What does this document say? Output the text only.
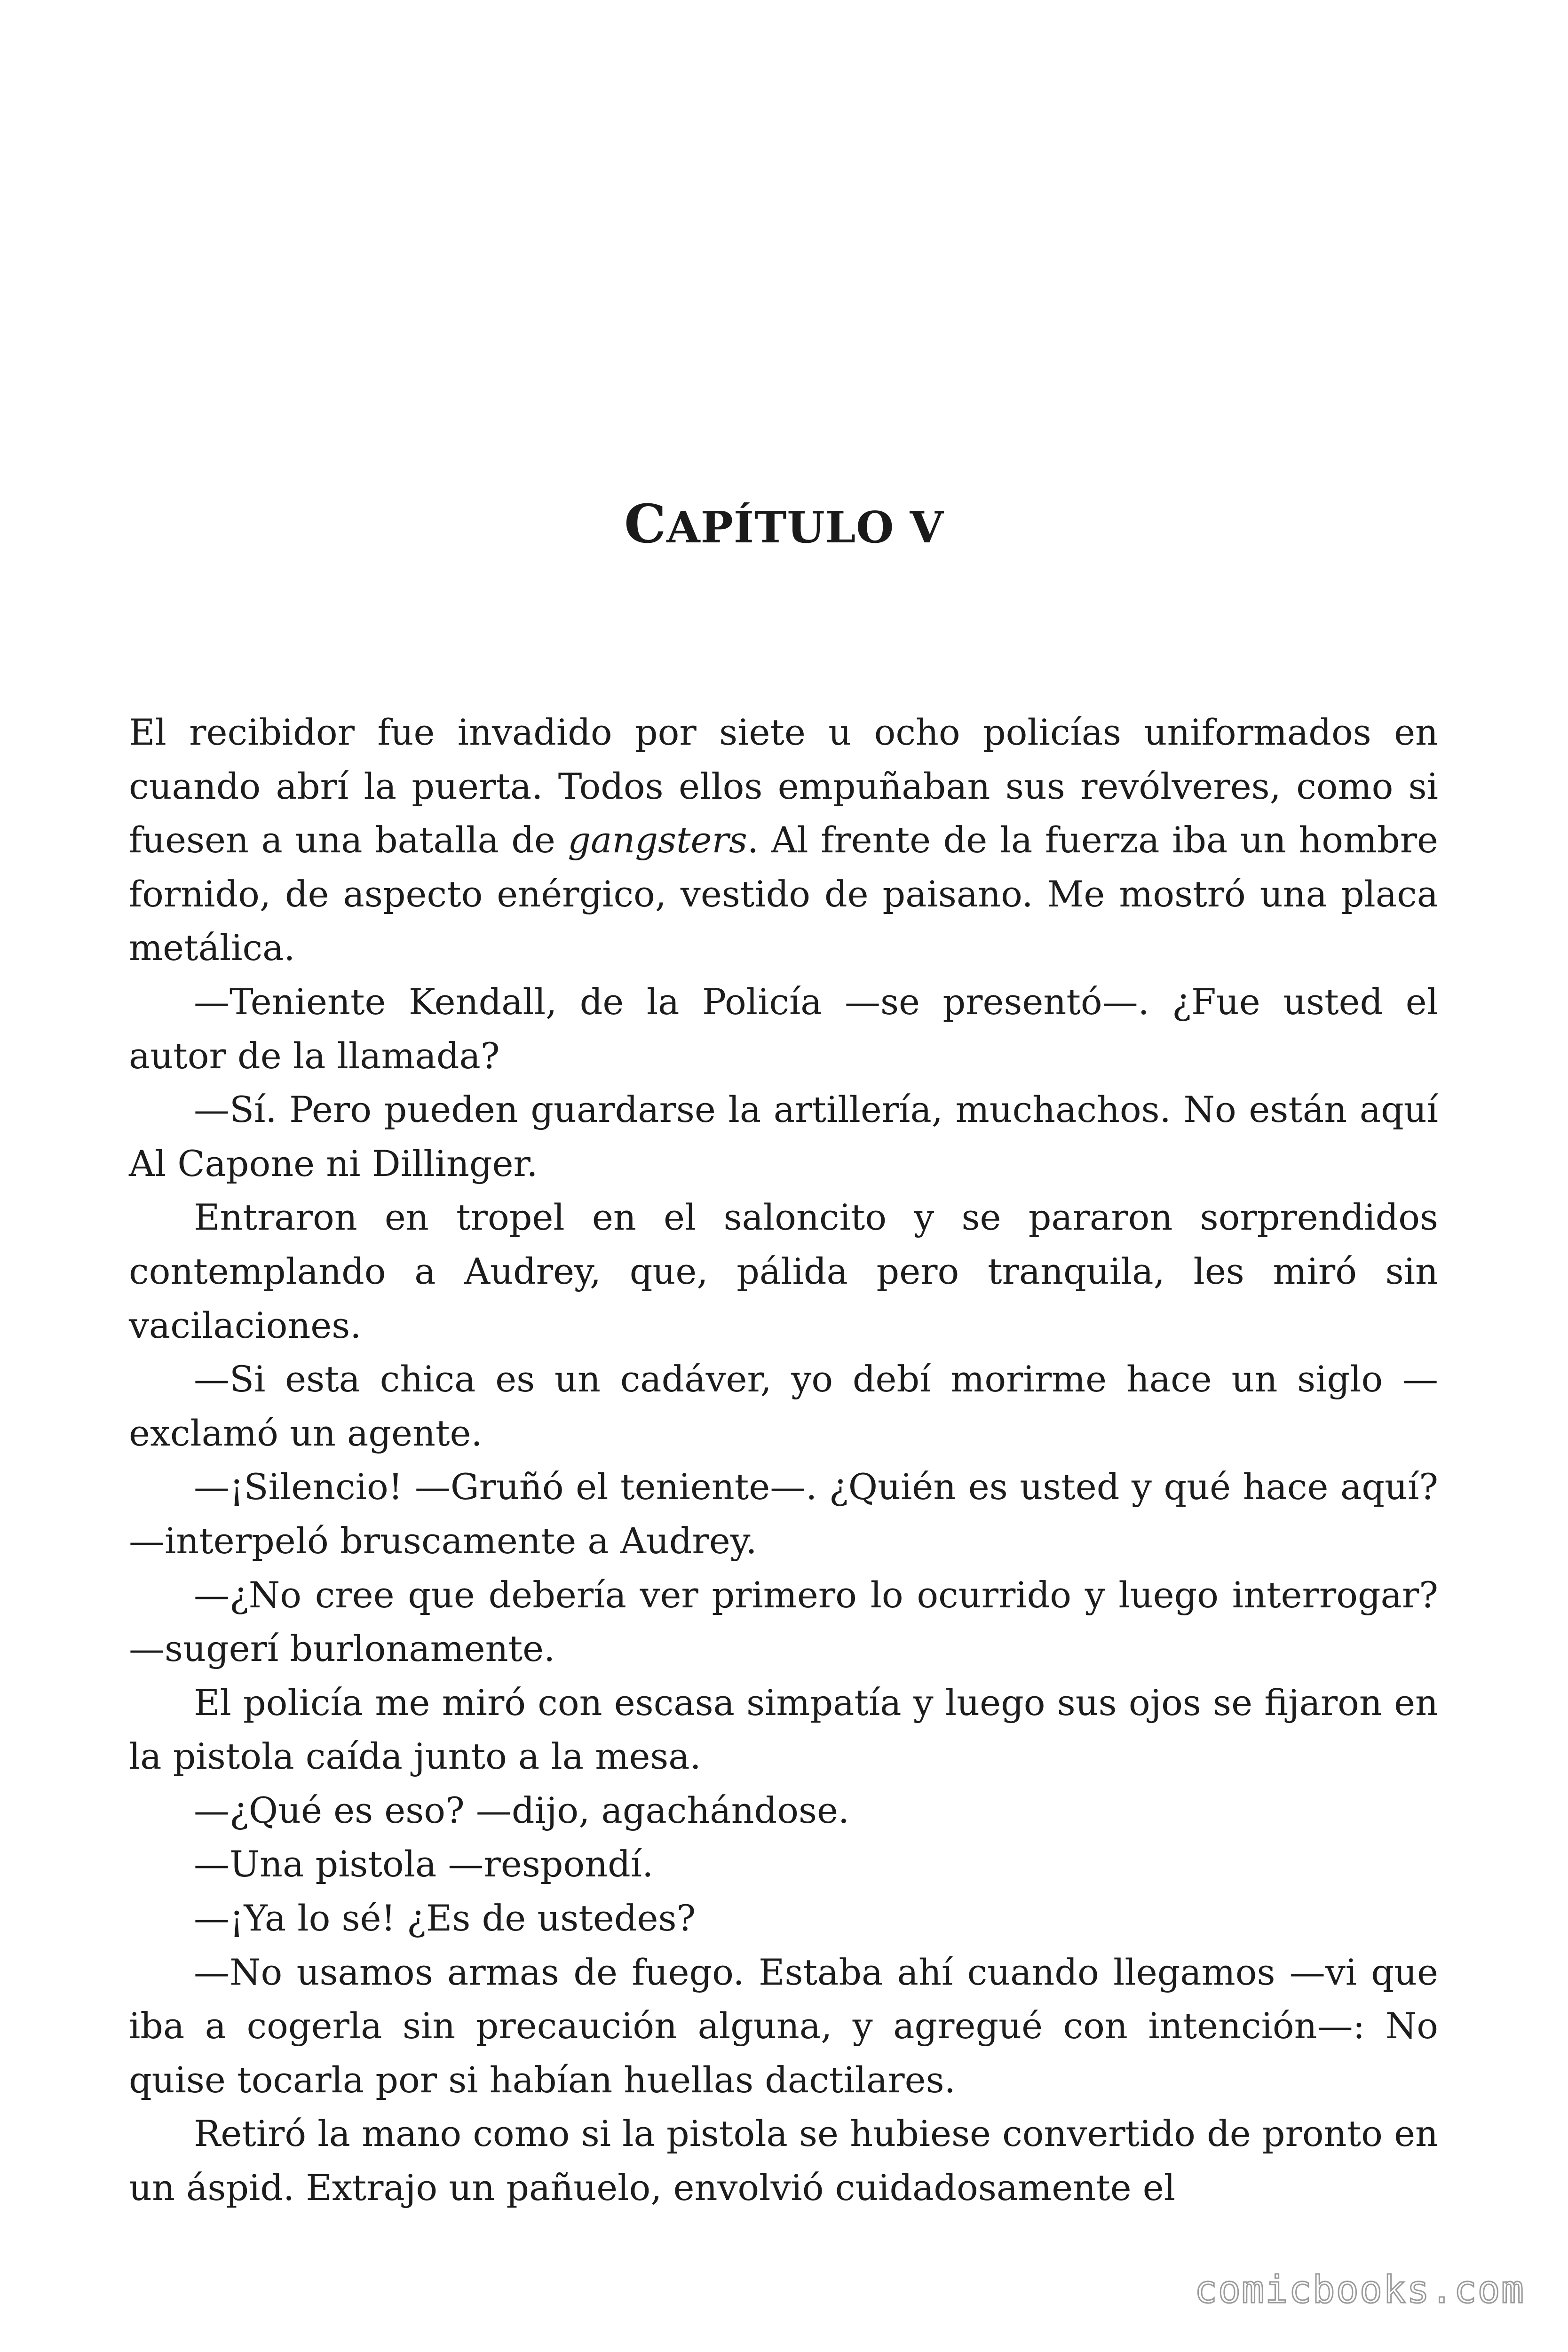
CAPÍTULO V

El recibidor fue invadido por siete u ocho policías uniformados en cuando abrí la puerta. Todos ellos empuñaban sus revólveres, como si fuesen a una batalla de gangsters. Al frente de la fuerza iba un hombre fornido, de aspecto enérgico, vestido de paisano. Me mostró una placa metálica.

—Teniente Kendall, de la Policía —se presentó—. ¿Fue usted el autor de la llamada?

—Sí. Pero pueden guardarse la artillería, muchachos. No están aquí Al Capone ni Dillinger.

Entraron en tropel en el saloncito y se pararon sorprendidos contemplando a Audrey, que, pálida pero tranquila, les miró sin vacilaciones.

—Si esta chica es un cadáver, yo debí morirme hace un siglo —exclamó un agente.

—¡Silencio! —Gruñó el teniente—. ¿Quién es usted y qué hace aquí? —interpeló bruscamente a Audrey.

—¿No cree que debería ver primero lo ocurrido y luego interrogar? —sugerí burlonamente.

El policía me miró con escasa simpatía y luego sus ojos se fijaron en la pistola caída junto a la mesa.

—¿Qué es eso? —dijo, agachándose.

—Una pistola —respondí.

—¡Ya lo sé! ¿Es de ustedes?

—No usamos armas de fuego. Estaba ahí cuando llegamos —vi que iba a cogerla sin precaución alguna, y agregué con intención—: No quise tocarla por si habían huellas dactilares.

Retiró la mano como si la pistola se hubiese convertido de pronto en un áspid. Extrajo un pañuelo, envolvió cuidadosamente el

comicbooks.com
